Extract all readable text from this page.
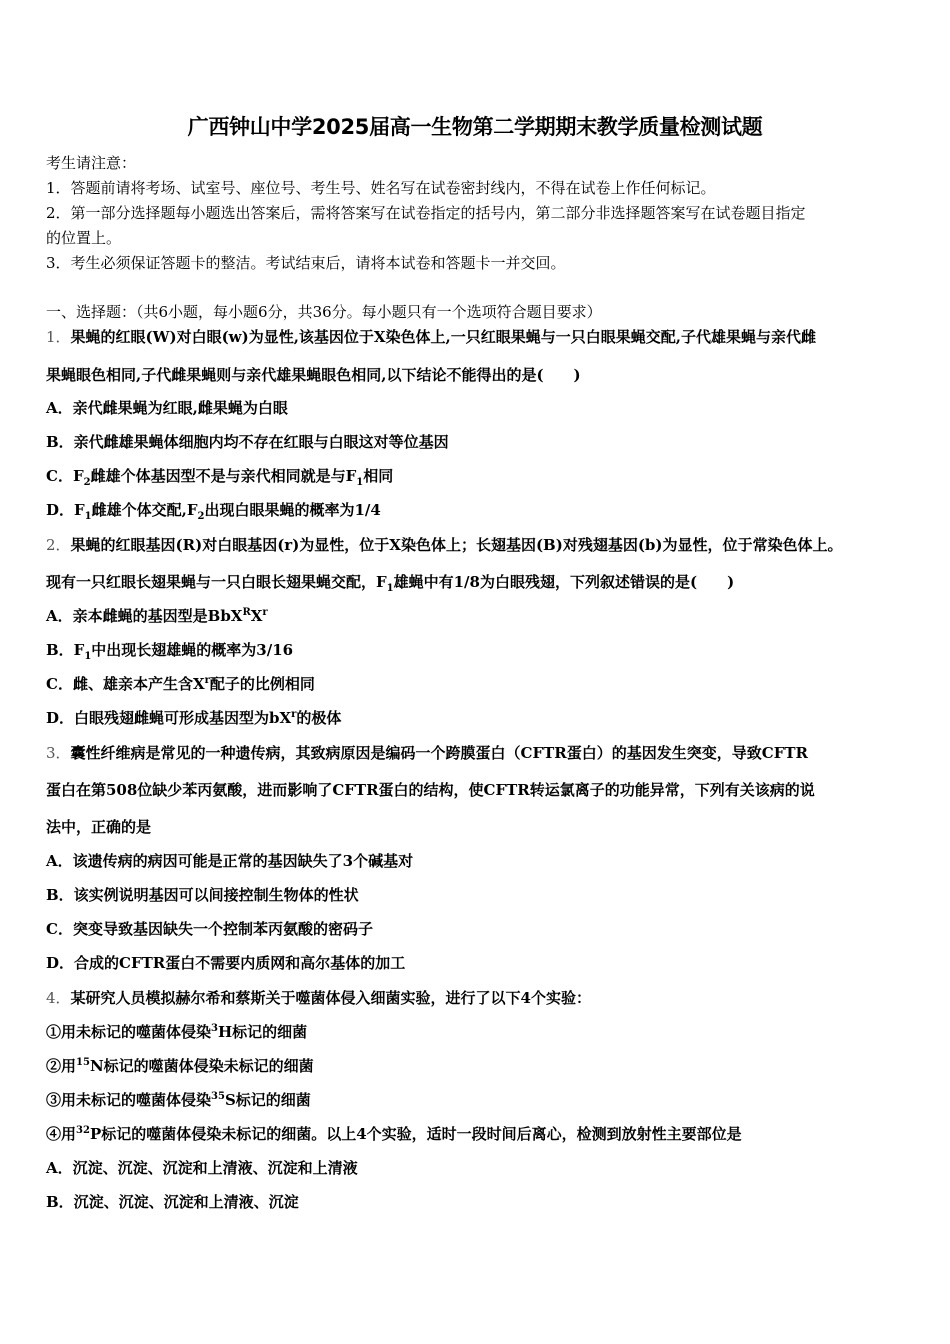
广西钟山中学2025届高一生物第二学期期末教学质量检测试题
考生请注意：
1．答题前请将考场、试室号、座位号、考生号、姓名写在试卷密封线内，不得在试卷上作任何标记。
2．第一部分选择题每小题选出答案后，需将答案写在试卷指定的括号内，第二部分非选择题答案写在试卷题目指定
的位置上。
3．考生必须保证答题卡的整洁。考试结束后，请将本试卷和答题卡一并交回。
一、选择题：（共6小题，每小题6分，共36分。每小题只有一个选项符合题目要求）
1．果蝇的红眼(W)对白眼(w)为显性,该基因位于X染色体上,一只红眼果蝇与一只白眼果蝇交配,子代雄果蝇与亲代雌
果蝇眼色相同,子代雌果蝇则与亲代雄果蝇眼色相同,以下结论不能得出的是(　　)
A．亲代雌果蝇为红眼,雌果蝇为白眼
B．亲代雌雄果蝇体细胞内均不存在红眼与白眼这对等位基因
C．$F_2$雌雄个体基因型不是与亲代相同就是与$F_1$相同
D．$F_1$雌雄个体交配$,F_2$出现白眼果蝇的概率为1/4
2．果蝇的红眼基因(R)对白眼基因(r)为显性，位于X染色体上；长翅基因(B)对残翅基因(b)为显性，位于常染色体上。
现有一只红眼长翅果蝇与一只白眼长翅果蝇交配，$F_1$雄蝇中有1/8为白眼残翅，下列叙述错误的是(　　)
A．亲本雌蝇的基因型是$BbX^RX^r$
B．$F_1$中出现长翅雄蝇的概率为3/16
C．雌、雄亲本产生含$X^r$配子的比例相同
D．白眼残翅雌蝇可形成基因型为$bX^r$的极体
3．囊性纤维病是常见的一种遗传病，其致病原因是编码一个跨膜蛋白（CFTR蛋白）的基因发生突变，导致CFTR
蛋白在第508位缺少苯丙氨酸，进而影响了CFTR蛋白的结构，使CFTR转运氯离子的功能异常，下列有关该病的说
法中，正确的是
A．该遗传病的病因可能是正常的基因缺失了3个碱基对
B．该实例说明基因可以间接控制生物体的性状
C．突变导致基因缺失一个控制苯丙氨酸的密码子
D．合成的CFTR蛋白不需要内质网和高尔基体的加工
4．某研究人员模拟赫尔希和蔡斯关于噬菌体侵入细菌实验，进行了以下4个实验：
①用未标记的噬菌体侵染$^3$H标记的细菌
②用$^{15}$N标记的噬菌体侵染未标记的细菌
③用未标记的噬菌体侵染$^{35}$S标记的细菌
④用$^{32}$P标记的噬菌体侵染未标记的细菌。以上4个实验，适时一段时间后离心，检测到放射性主要部位是
A．沉淀、沉淀、沉淀和上清液、沉淀和上清液
B．沉淀、沉淀、沉淀和上清液、沉淀
